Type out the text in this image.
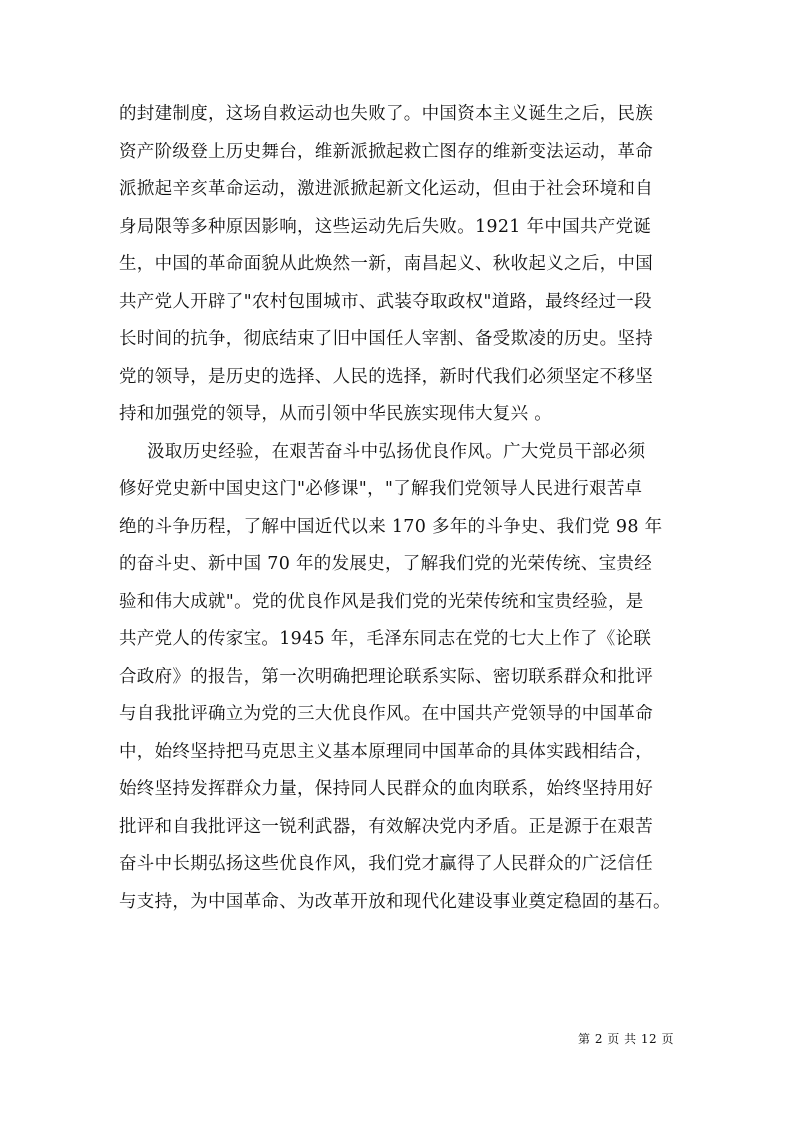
的封建制度，这场自救运动也失败了。中国资本主义诞生之后，民族
资产阶级登上历史舞台，维新派掀起救亡图存的维新变法运动，革命
派掀起辛亥革命运动，激进派掀起新文化运动，但由于社会环境和自
身局限等多种原因影响，这些运动先后失败。1921 年中国共产党诞
生，中国的革命面貌从此焕然一新，南昌起义、秋收起义之后，中国
共产党人开辟了"农村包围城市、武装夺取政权"道路，最终经过一段
长时间的抗争，彻底结束了旧中国任人宰割、备受欺凌的历史。坚持
党的领导，是历史的选择、人民的选择，新时代我们必须坚定不移坚
持和加强党的领导，从而引领中华民族实现伟大复兴 。
汲取历史经验，在艰苦奋斗中弘扬优良作风。广大党员干部必须
修好党史新中国史这门"必修课"，"了解我们党领导人民进行艰苦卓
绝的斗争历程，了解中国近代以来 170 多年的斗争史、我们党 98 年
的奋斗史、新中国 70 年的发展史，了解我们党的光荣传统、宝贵经
验和伟大成就"。党的优良作风是我们党的光荣传统和宝贵经验，是
共产党人的传家宝。1945 年，毛泽东同志在党的七大上作了《论联
合政府》的报告，第一次明确把理论联系实际、密切联系群众和批评
与自我批评确立为党的三大优良作风。在中国共产党领导的中国革命
中，始终坚持把马克思主义基本原理同中国革命的具体实践相结合，
始终坚持发挥群众力量，保持同人民群众的血肉联系，始终坚持用好
批评和自我批评这一锐利武器，有效解决党内矛盾。正是源于在艰苦
奋斗中长期弘扬这些优良作风，我们党才赢得了人民群众的广泛信任
与支持，为中国革命、为改革开放和现代化建设事业奠定稳固的基石。
第 2 页 共 12 页
